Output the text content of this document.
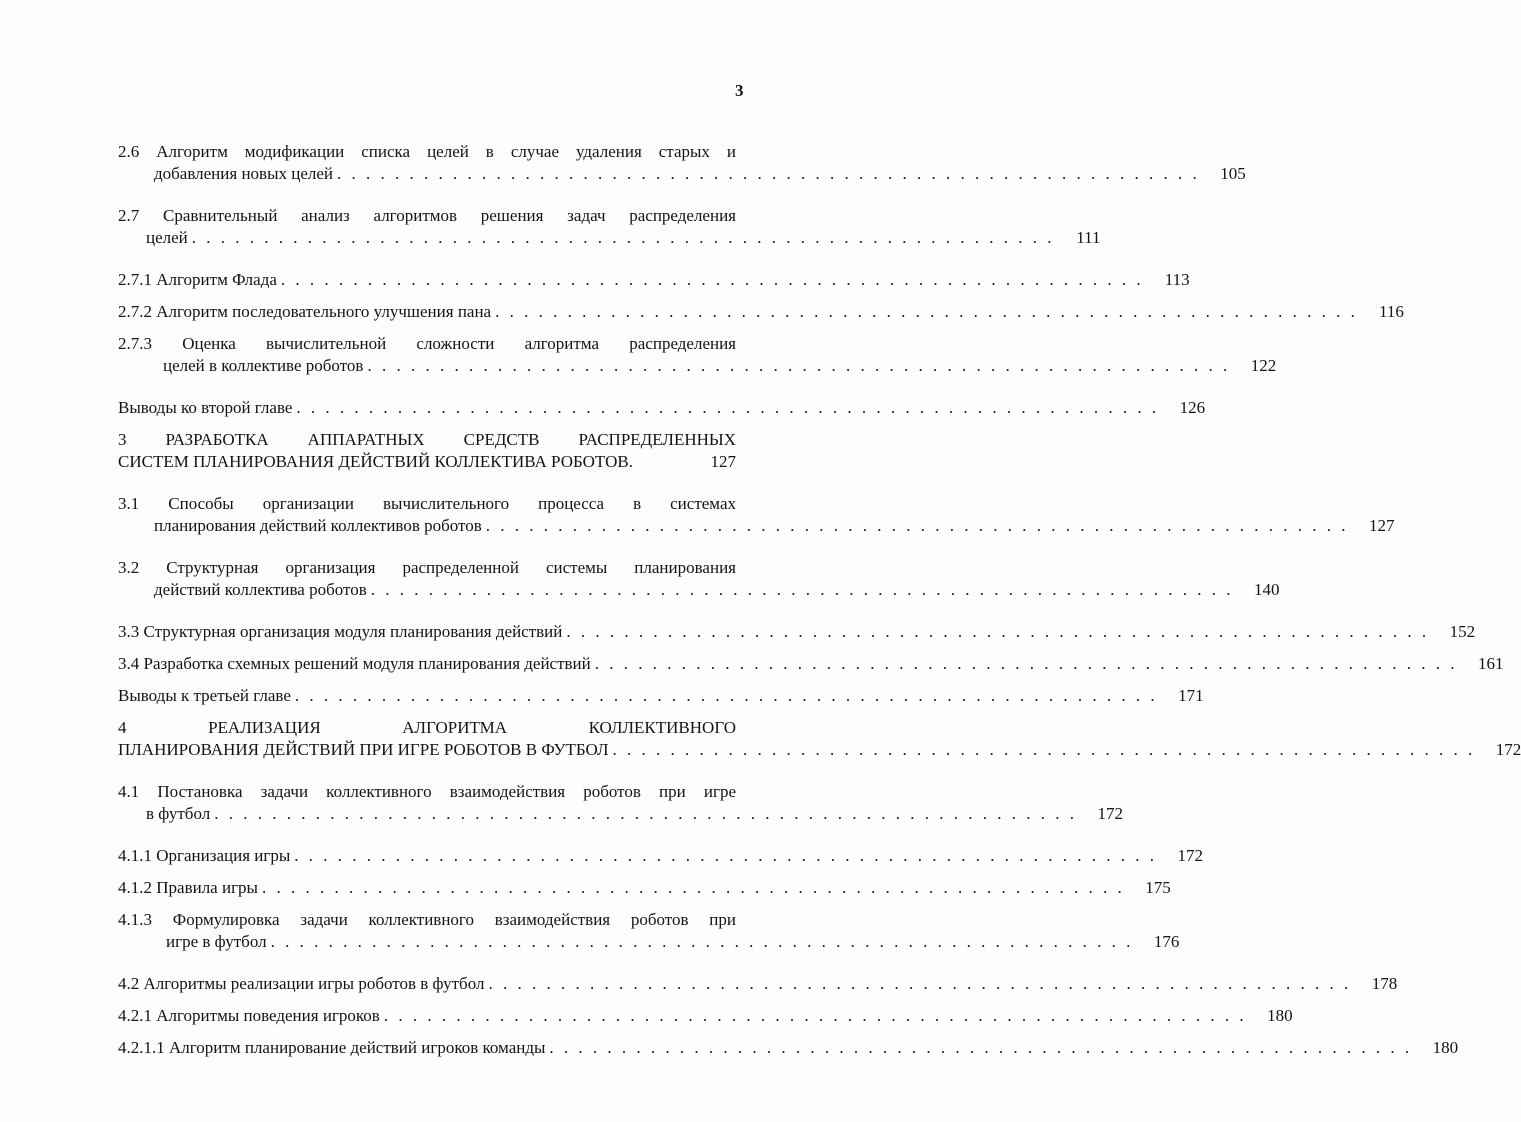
3
2.6 Алгоритм модификации списка целей в случае удаления старых и
добавления новых целей . . . . . . . . . . . . . . . . . . . . . . . . . . . . . . . . . . . . . . . . . . . . . . . . . . . . . . . . . . . .	105
2.7 Сравнительный анализ алгоритмов решения задач распределения
целей . . . . . . . . . . . . . . . . . . . . . . . . . . . . . . . . . . . . . . . . . . . . . . . . . . . . . . . . . . . .	111
2.7.1 Алгоритм Флада . . . . . . . . . . . . . . . . . . . . . . . . . . . . . . . . . . . . . . . . . . . . . . . . . . . . . . . . . . . .	113
2.7.2 Алгоритм последовательного улучшения пана . . . . . . . . . . . . . . . . . . . . . . . . . . . . . . . . . . . . . . . . . . . . . . . . . . . . . . . . . . . .	116
2.7.3 Оценка вычислительной сложности алгоритма распределения
целей в коллективе роботов . . . . . . . . . . . . . . . . . . . . . . . . . . . . . . . . . . . . . . . . . . . . . . . . . . . . . . . . . . . .	122
Выводы ко второй главе . . . . . . . . . . . . . . . . . . . . . . . . . . . . . . . . . . . . . . . . . . . . . . . . . . . . . . . . . . . .	126
3 РАЗРАБОТКА АППАРАТНЫХ СРЕДСТВ РАСПРЕДЕЛЕННЫХ
СИСТЕМ ПЛАНИРОВАНИЯ ДЕЙСТВИЙ КОЛЛЕКТИВА РОБОТОВ.	127
3.1 Способы организации вычислительного процесса в системах
планирования действий коллективов роботов . . . . . . . . . . . . . . . . . . . . . . . . . . . . . . . . . . . . . . . . . . . . . . . . . . . . . . . . . . . .	127
3.2 Структурная организация распределенной системы планирования
действий коллектива роботов . . . . . . . . . . . . . . . . . . . . . . . . . . . . . . . . . . . . . . . . . . . . . . . . . . . . . . . . . . . .	140
3.3 Структурная организация модуля планирования действий . . . . . . . . . . . . . . . . . . . . . . . . . . . . . . . . . . . . . . . . . . . . . . . . . . . . . . . . . . . .	152
3.4 Разработка схемных решений модуля планирования действий . . . . . . . . . . . . . . . . . . . . . . . . . . . . . . . . . . . . . . . . . . . . . . . . . . . . . . . . . . . .	161
Выводы к третьей главе . . . . . . . . . . . . . . . . . . . . . . . . . . . . . . . . . . . . . . . . . . . . . . . . . . . . . . . . . . . .	171
4 РЕАЛИЗАЦИЯ АЛГОРИТМА КОЛЛЕКТИВНОГО
ПЛАНИРОВАНИЯ ДЕЙСТВИЙ ПРИ ИГРЕ РОБОТОВ В ФУТБОЛ . . . . . . . . . . . . . . . . . . . . . . . . . . . . . . . . . . . . . . . . . . . . . . . . . . . . . . . . . . . .	172
4.1 Постановка задачи коллективного взаимодействия роботов при игре
в футбол . . . . . . . . . . . . . . . . . . . . . . . . . . . . . . . . . . . . . . . . . . . . . . . . . . . . . . . . . . . .	172
4.1.1 Организация игры . . . . . . . . . . . . . . . . . . . . . . . . . . . . . . . . . . . . . . . . . . . . . . . . . . . . . . . . . . . .	172
4.1.2 Правила игры . . . . . . . . . . . . . . . . . . . . . . . . . . . . . . . . . . . . . . . . . . . . . . . . . . . . . . . . . . . .	175
4.1.3 Формулировка задачи коллективного взаимодействия роботов при
игре в футбол . . . . . . . . . . . . . . . . . . . . . . . . . . . . . . . . . . . . . . . . . . . . . . . . . . . . . . . . . . . .	176
4.2 Алгоритмы реализации игры роботов в футбол . . . . . . . . . . . . . . . . . . . . . . . . . . . . . . . . . . . . . . . . . . . . . . . . . . . . . . . . . . . .	178
4.2.1 Алгоритмы поведения игроков . . . . . . . . . . . . . . . . . . . . . . . . . . . . . . . . . . . . . . . . . . . . . . . . . . . . . . . . . . . .	180
4.2.1.1 Алгоритм планирование действий игроков команды . . . . . . . . . . . . . . . . . . . . . . . . . . . . . . . . . . . . . . . . . . . . . . . . . . . . . . . . . . . .	180
